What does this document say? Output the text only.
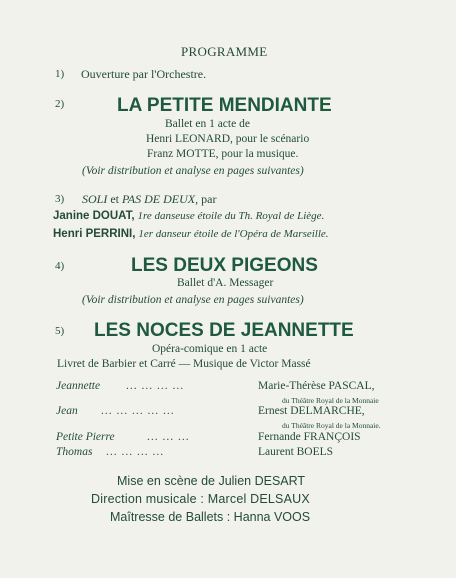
PROGRAMME

1) Ouverture par l'Orchestre.

2)	LA PETITE MENDIANTE

Ballet en 1 acte de

Henri LEONARD, pour le scénario

Franz MOTTE, pour la musique.

(Voir distribution et analyse en pages suivantes)

3) SOLI et PAS DE DEUX, par

Janine DOUAT, 1re danseuse étoile du Th. Royal de Liège.

Henri PERRINI, 1er danseur étoile de l'Opéra de Marseille.

4)	LES DEUX PIGEONS

Ballet d'A. Messager

(Voir distribution et analyse en pages suivantes)

5) LES NOCES DE JEANNETTE

Opéra-comique en 1 acte

Livret de Barbier et Carré — Musique de Victor Massé

Jeannette ... ... ... ...	Marie-Thérèse PASCAL,

du Théâtre Royal de la Monnaie

Jean ... ... ... ... ...	Ernest DELMARCHE,

du Théâtre Royal de la Monnaie.

Petite Pierre	... ... ...	Fernande FRANÇOIS

Thomas ... ... ... ...	Laurent BOELS

Mise en scène de Julien DESART

Direction musicale : Marcel DELSAUX

Maîtresse de Ballets : Hanna VOOS
